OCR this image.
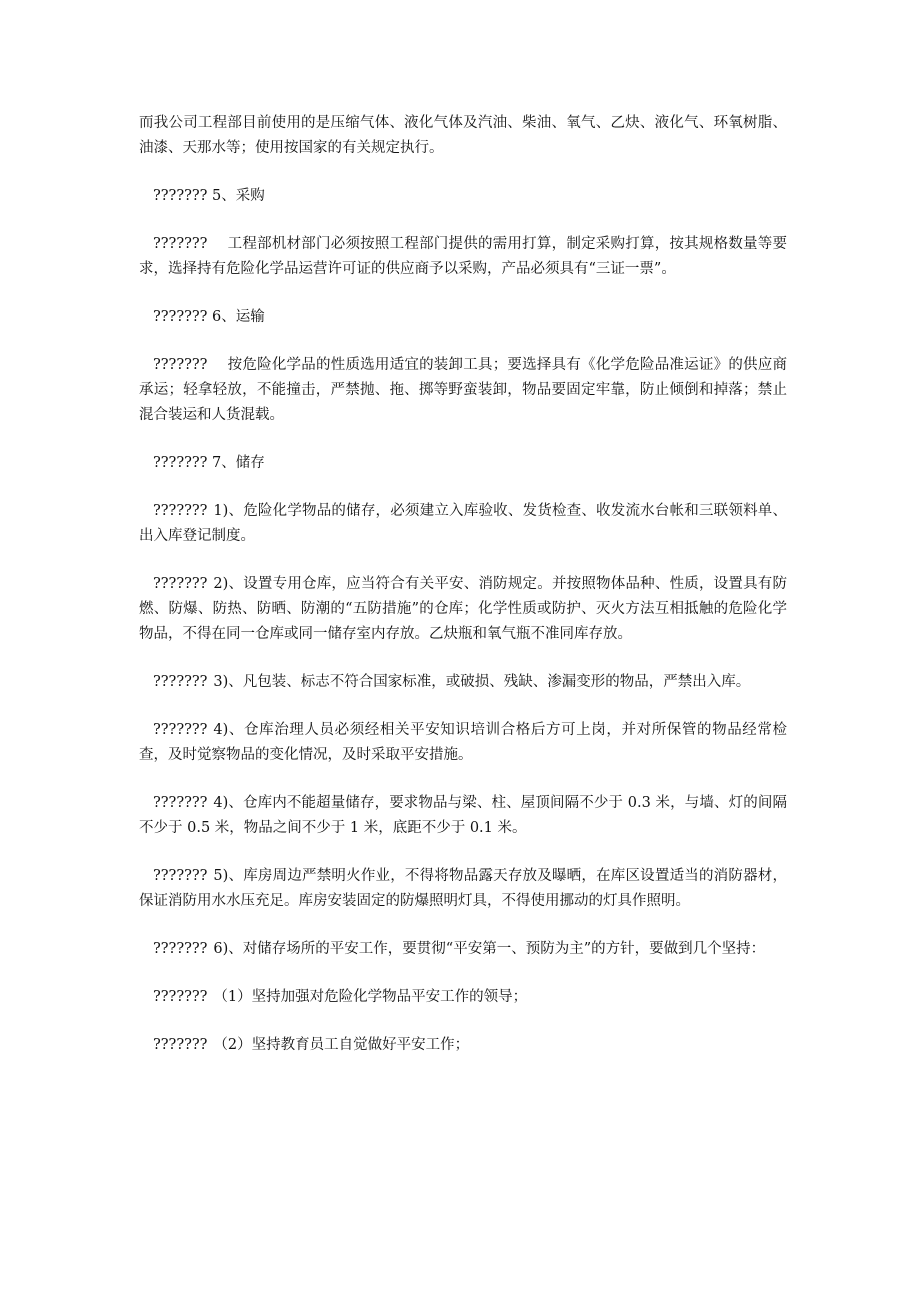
而我公司工程部目前使用的是压缩气体、液化气体及汽油、柴油、氧气、乙炔、液化气、环氧树脂、油漆、天那水等；使用按国家的有关规定执行。

??????? 5、采购

??????? 工程部机材部门必须按照工程部门提供的需用打算，制定采购打算，按其规格数量等要求，选择持有危险化学品运营许可证的供应商予以采购，产品必须具有“三证一票”。

??????? 6、运输

??????? 按危险化学品的性质选用适宜的装卸工具；要选择具有《化学危险品准运证》的供应商承运；轻拿轻放，不能撞击，严禁抛、拖、掷等野蛮装卸，物品要固定牢靠，防止倾倒和掉落；禁止混合装运和人货混载。

??????? 7、储存

??????? 1)、危险化学物品的储存，必须建立入库验收、发货检查、收发流水台帐和三联领料单、出入库登记制度。

??????? 2)、设置专用仓库，应当符合有关平安、消防规定。并按照物体品种、性质，设置具有防燃、防爆、防热、防晒、防潮的“五防措施”的仓库；化学性质或防护、灭火方法互相抵触的危险化学物品，不得在同一仓库或同一储存室内存放。乙炔瓶和氧气瓶不准同库存放。

??????? 3)、凡包装、标志不符合国家标准，或破损、残缺、渗漏变形的物品，严禁出入库。

??????? 4)、仓库治理人员必须经相关平安知识培训合格后方可上岗，并对所保管的物品经常检查，及时觉察物品的变化情况，及时采取平安措施。

??????? 4)、仓库内不能超量储存，要求物品与梁、柱、屋顶间隔不少于 0.3 米，与墙、灯的间隔不少于 0.5 米，物品之间不少于 1 米，底距不少于 0.1 米。

??????? 5)、库房周边严禁明火作业，不得将物品露天存放及曝晒，在库区设置适当的消防器材，保证消防用水水压充足。库房安装固定的防爆照明灯具，不得使用挪动的灯具作照明。

??????? 6)、对储存场所的平安工作，要贯彻“平安第一、预防为主”的方针，要做到几个坚持：

??????? （1）坚持加强对危险化学物品平安工作的领导；

??????? （2）坚持教育员工自觉做好平安工作；
